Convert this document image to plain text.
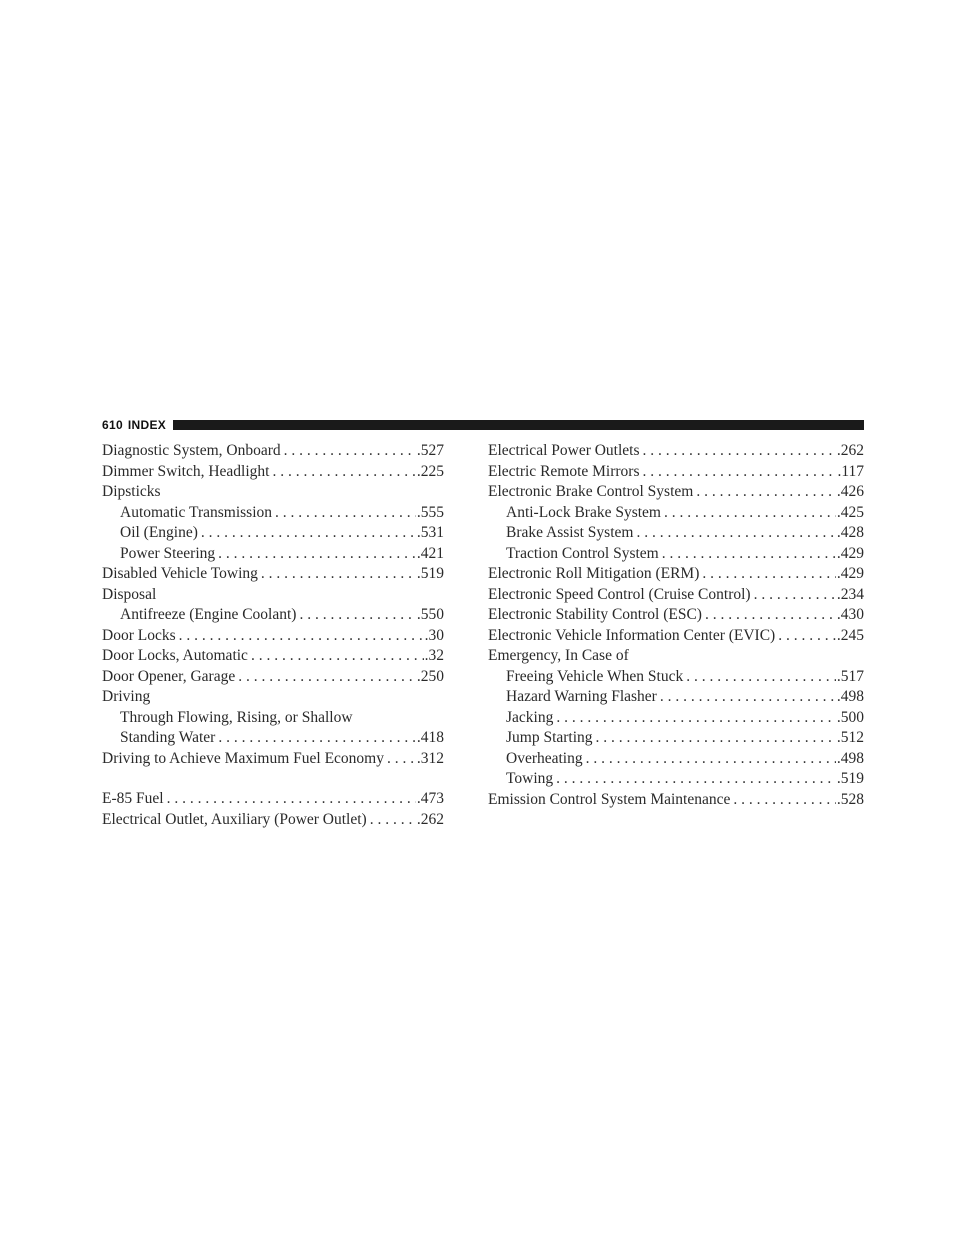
610 INDEX
Diagnostic System, Onboard . . .	.527
Dimmer Switch, Headlight . . .	.225
Dipsticks
Automatic Transmission . . .	.555
Oil (Engine) . . .	.531
Power Steering . . .	.421
Disabled Vehicle Towing . . .	.519
Disposal
Antifreeze (Engine Coolant) . . .	.550
Door Locks . . .	.30
Door Locks, Automatic . . .	.32
Door Opener, Garage . . .	.250
Driving
Through Flowing, Rising, or Shallow
Standing Water . . .	.418
Driving to Achieve Maximum Fuel Economy . . . .312
E-85 Fuel . . .	.473
Electrical Outlet, Auxiliary (Power Outlet) . . .	.262
Electrical Power Outlets . . .	.262
Electric Remote Mirrors . . .	.117
Electronic Brake Control System . . .	.426
Anti-Lock Brake System . . .	.425
Brake Assist System . . .	.428
Traction Control System . . .	.429
Electronic Roll Mitigation (ERM) . . .	.429
Electronic Speed Control (Cruise Control) . . .	.234
Electronic Stability Control (ESC) . . .	.430
Electronic Vehicle Information Center (EVIC) . . .	.245
Emergency, In Case of
Freeing Vehicle When Stuck . . .	.517
Hazard Warning Flasher . . .	.498
Jacking . . .	.500
Jump Starting . . .	.512
Overheating . . .	.498
Towing . . .	.519
Emission Control System Maintenance . . .	.528
